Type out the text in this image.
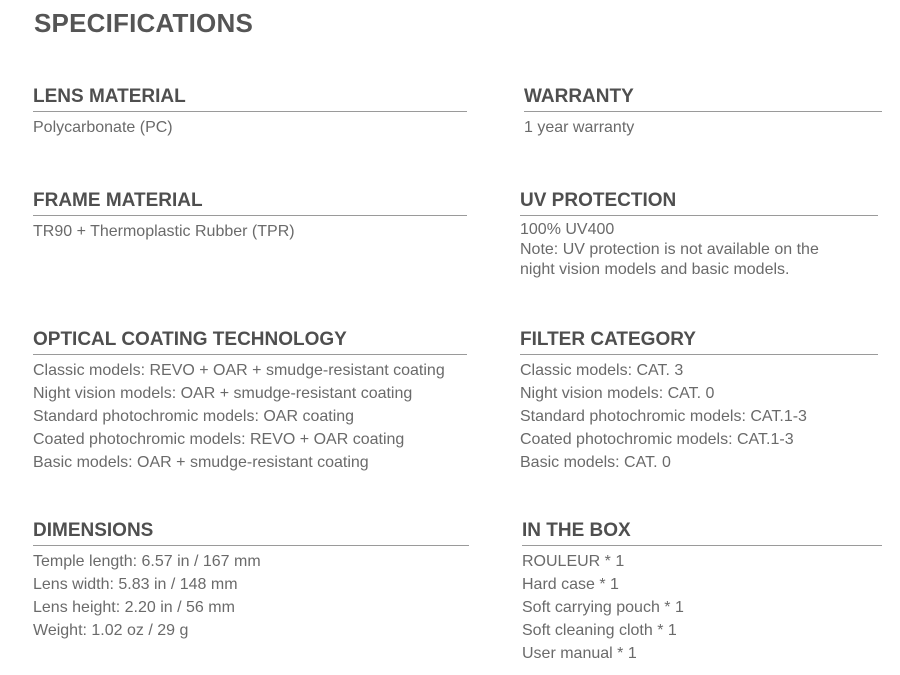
SPECIFICATIONS
LENS MATERIAL
Polycarbonate (PC)
WARRANTY
1 year warranty
FRAME MATERIAL
TR90 + Thermoplastic Rubber (TPR)
UV PROTECTION
100% UV400
Note: UV protection is not available on the
night vision models and basic models.
OPTICAL COATING TECHNOLOGY
Classic models: REVO + OAR + smudge-resistant coating
Night vision models: OAR + smudge-resistant coating
Standard photochromic models: OAR coating
Coated photochromic models: REVO + OAR coating
Basic models: OAR + smudge-resistant coating
FILTER CATEGORY
Classic models: CAT. 3
Night vision models: CAT. 0
Standard photochromic models: CAT.1-3
Coated photochromic models: CAT.1-3
Basic models: CAT. 0
DIMENSIONS
Temple length: 6.57 in / 167 mm
Lens width: 5.83 in / 148 mm
Lens height: 2.20 in / 56 mm
Weight: 1.02 oz / 29 g
IN THE BOX
ROULEUR * 1
Hard case * 1
Soft carrying pouch * 1
Soft cleaning cloth * 1
User manual * 1
